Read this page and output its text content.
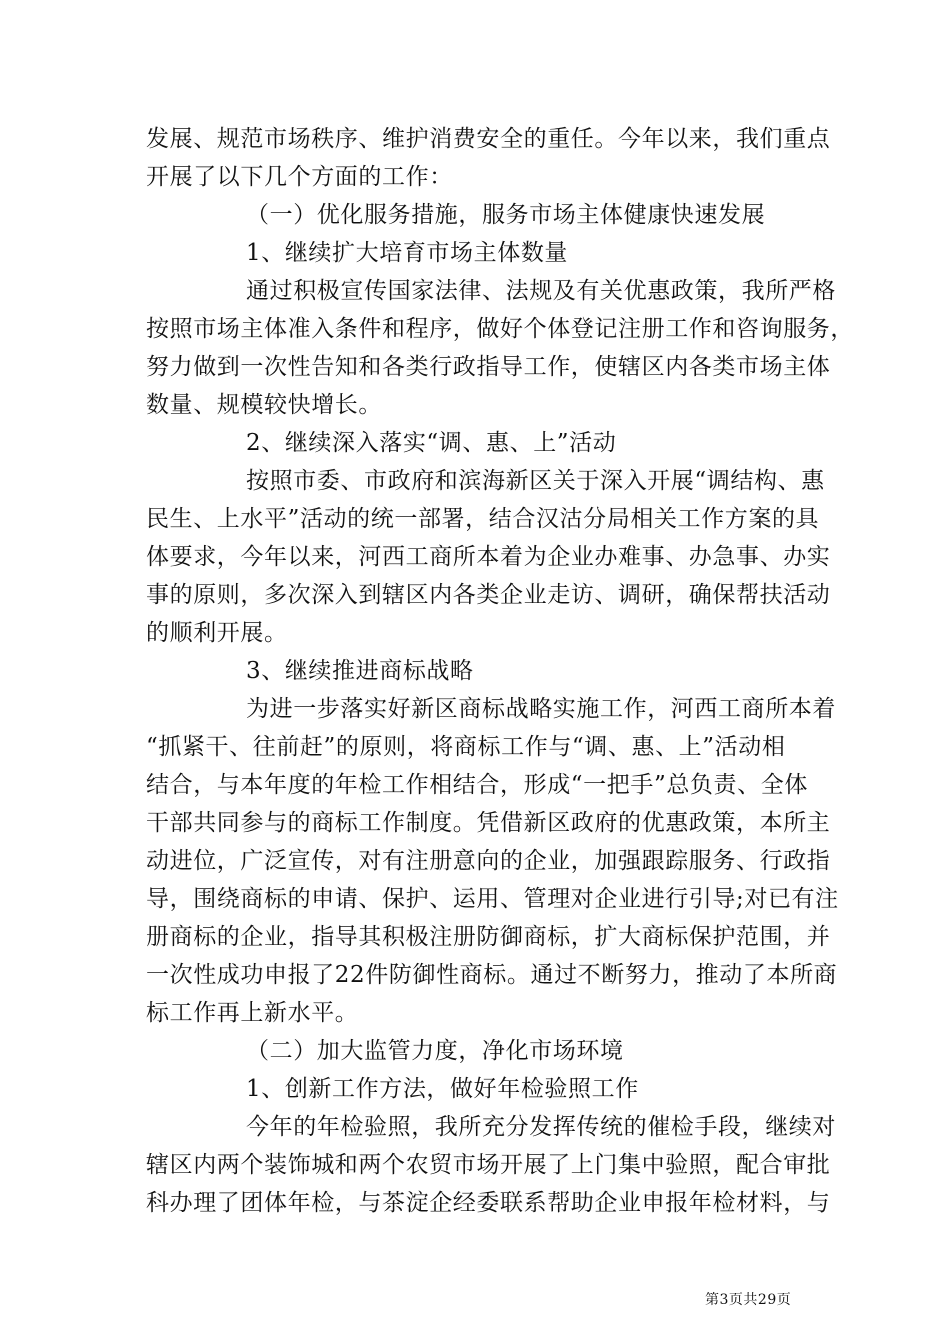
发展、规范市场秩序、维护消费安全的重任。今年以来，我们重点
开展了以下几个方面的工作：
（一）优化服务措施，服务市场主体健康快速发展
1、继续扩大培育市场主体数量
通过积极宣传国家法律、法规及有关优惠政策，我所严格
按照市场主体准入条件和程序，做好个体登记注册工作和咨询服务，
努力做到一次性告知和各类行政指导工作，使辖区内各类市场主体
数量、规模较快增长。
2、继续深入落实“调、惠、上”活动
按照市委、市政府和滨海新区关于深入开展“调结构、惠
民生、上水平”活动的统一部署，结合汉沽分局相关工作方案的具
体要求，今年以来，河西工商所本着为企业办难事、办急事、办实
事的原则，多次深入到辖区内各类企业走访、调研，确保帮扶活动
的顺利开展。
3、继续推进商标战略
为进一步落实好新区商标战略实施工作，河西工商所本着
“抓紧干、往前赶”的原则，将商标工作与“调、惠、上”活动相
结合，与本年度的年检工作相结合，形成“一把手”总负责、全体
干部共同参与的商标工作制度。凭借新区政府的优惠政策，本所主
动进位，广泛宣传，对有注册意向的企业，加强跟踪服务、行政指
导，围绕商标的申请、保护、运用、管理对企业进行引导;对已有注
册商标的企业，指导其积极注册防御商标，扩大商标保护范围，并
一次性成功申报了22件防御性商标。通过不断努力，推动了本所商
标工作再上新水平。
（二）加大监管力度，净化市场环境
1、创新工作方法，做好年检验照工作
今年的年检验照，我所充分发挥传统的催检手段，继续对
辖区内两个装饰城和两个农贸市场开展了上门集中验照，配合审批
科办理了团体年检，与茶淀企经委联系帮助企业申报年检材料，与
第3页共29页
